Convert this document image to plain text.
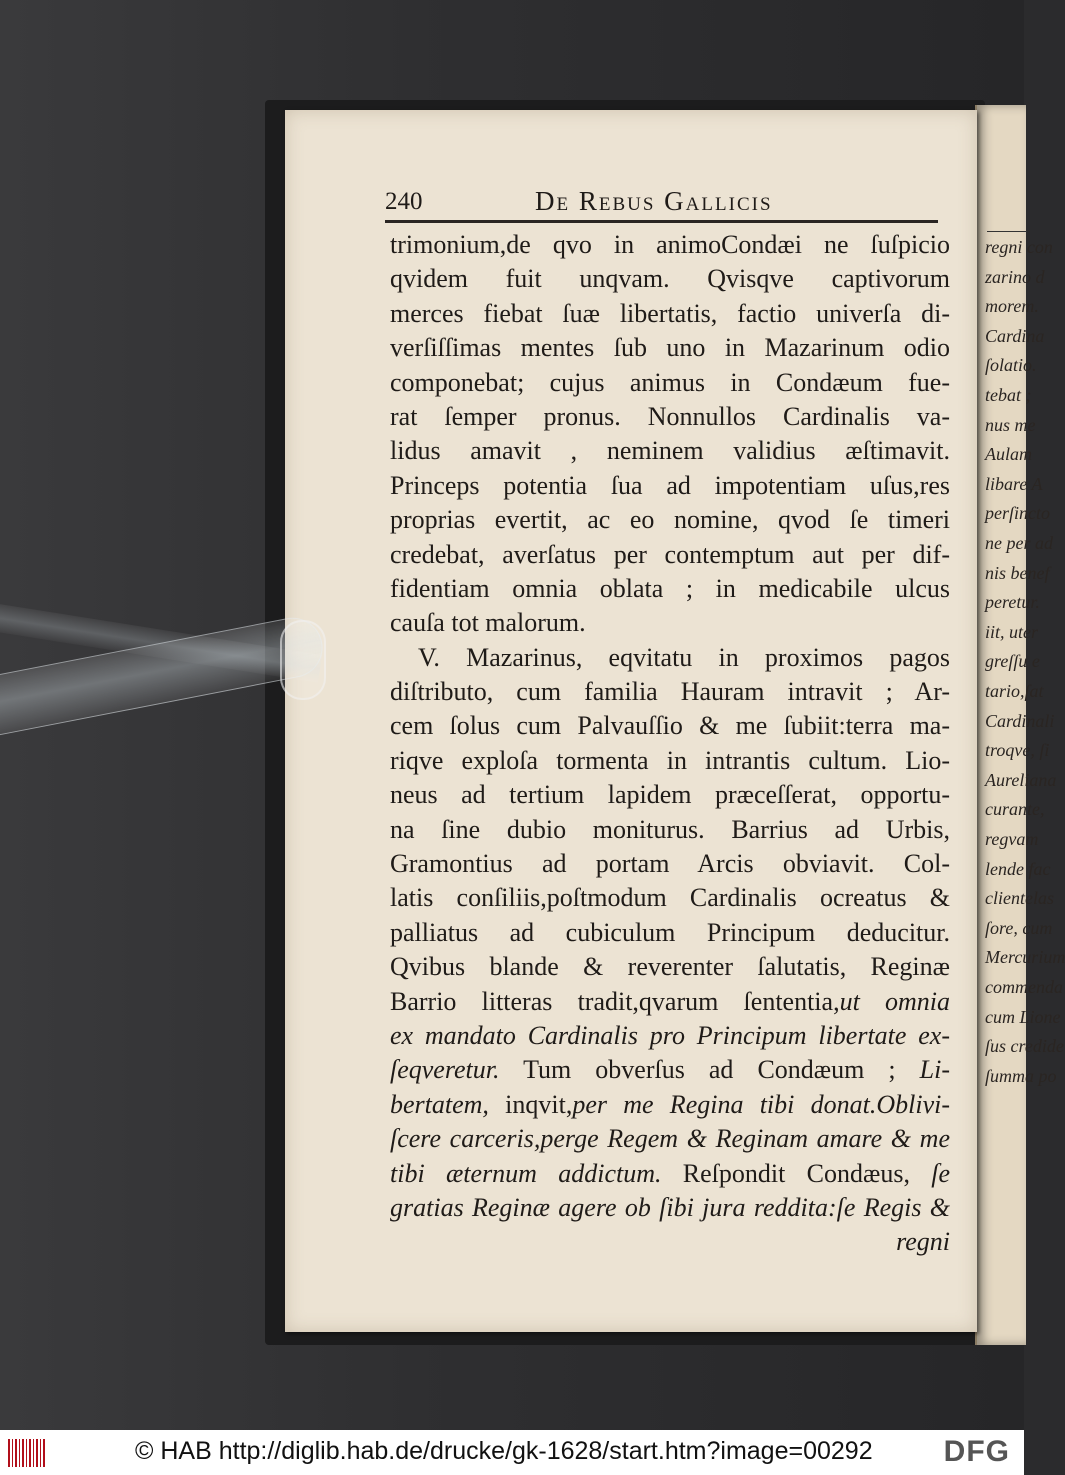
regni con
zarino d
morem.
Cardina
ſolatio.
tebat ;
nus me
Aulam
libare A
perſincto
ne per ad
nis benef
peretur.
iit, uter
greſſu e
tario,ſat
Cardinali
troqve, ſi
Aureliana
curante,
regvam
lende fac
clientelas
ſore, cum
Mercurium
commenda
cum Lione
ſus credide
ſumma po
240	De Rebus Gallicis
trimonium,de qvo in animoCondæi ne ſuſpicio
qvidem fuit unqvam. Qvisqve captivorum
merces fiebat ſuæ libertatis, factio univerſa di-
verſiſſimas mentes ſub uno in Mazarinum odio
componebat; cujus animus in Condæum fue-
rat ſemper pronus. Nonnullos Cardinalis va-
lidus amavit , neminem validius æſtimavit.
Princeps potentia ſua ad impotentiam uſus,res
proprias evertit, ac eo nomine, qvod ſe timeri
credebat, averſatus per contemptum aut per dif-
fidentiam omnia oblata ; in medicabile ulcus
cauſa tot malorum.
V. Mazarinus, eqvitatu in proximos pagos
diſtributo, cum familia Hauram intravit ; Ar-
cem ſolus cum Palvauſſio & me ſubiit:terra ma-
riqve exploſa tormenta in intrantis cultum. Lio-
neus ad tertium lapidem præceſſerat, opportu-
na ſine dubio moniturus. Barrius ad Urbis,
Gramontius ad portam Arcis obviavit. Col-
latis conſiliis,poſtmodum Cardinalis ocreatus &
palliatus ad cubiculum Principum deducitur.
Qvibus blande & reverenter ſalutatis, Reginæ
Barrio litteras tradit,qvarum ſententia,ut omnia
ex mandato Cardinalis pro Principum libertate ex-
ſeqveretur. Tum obverſus ad Condæum ; Li-
bertatem, inqvit,per me Regina tibi donat.Oblivi-
ſcere carceris,perge Regem & Reginam amare & me
tibi æternum addictum. Reſpondit Condæus, ſe
gratias Reginæ agere ob ſibi jura reddita:ſe Regis &
regni
© HAB http://diglib.hab.de/drucke/gk-1628/start.htm?image=00292 DFG
